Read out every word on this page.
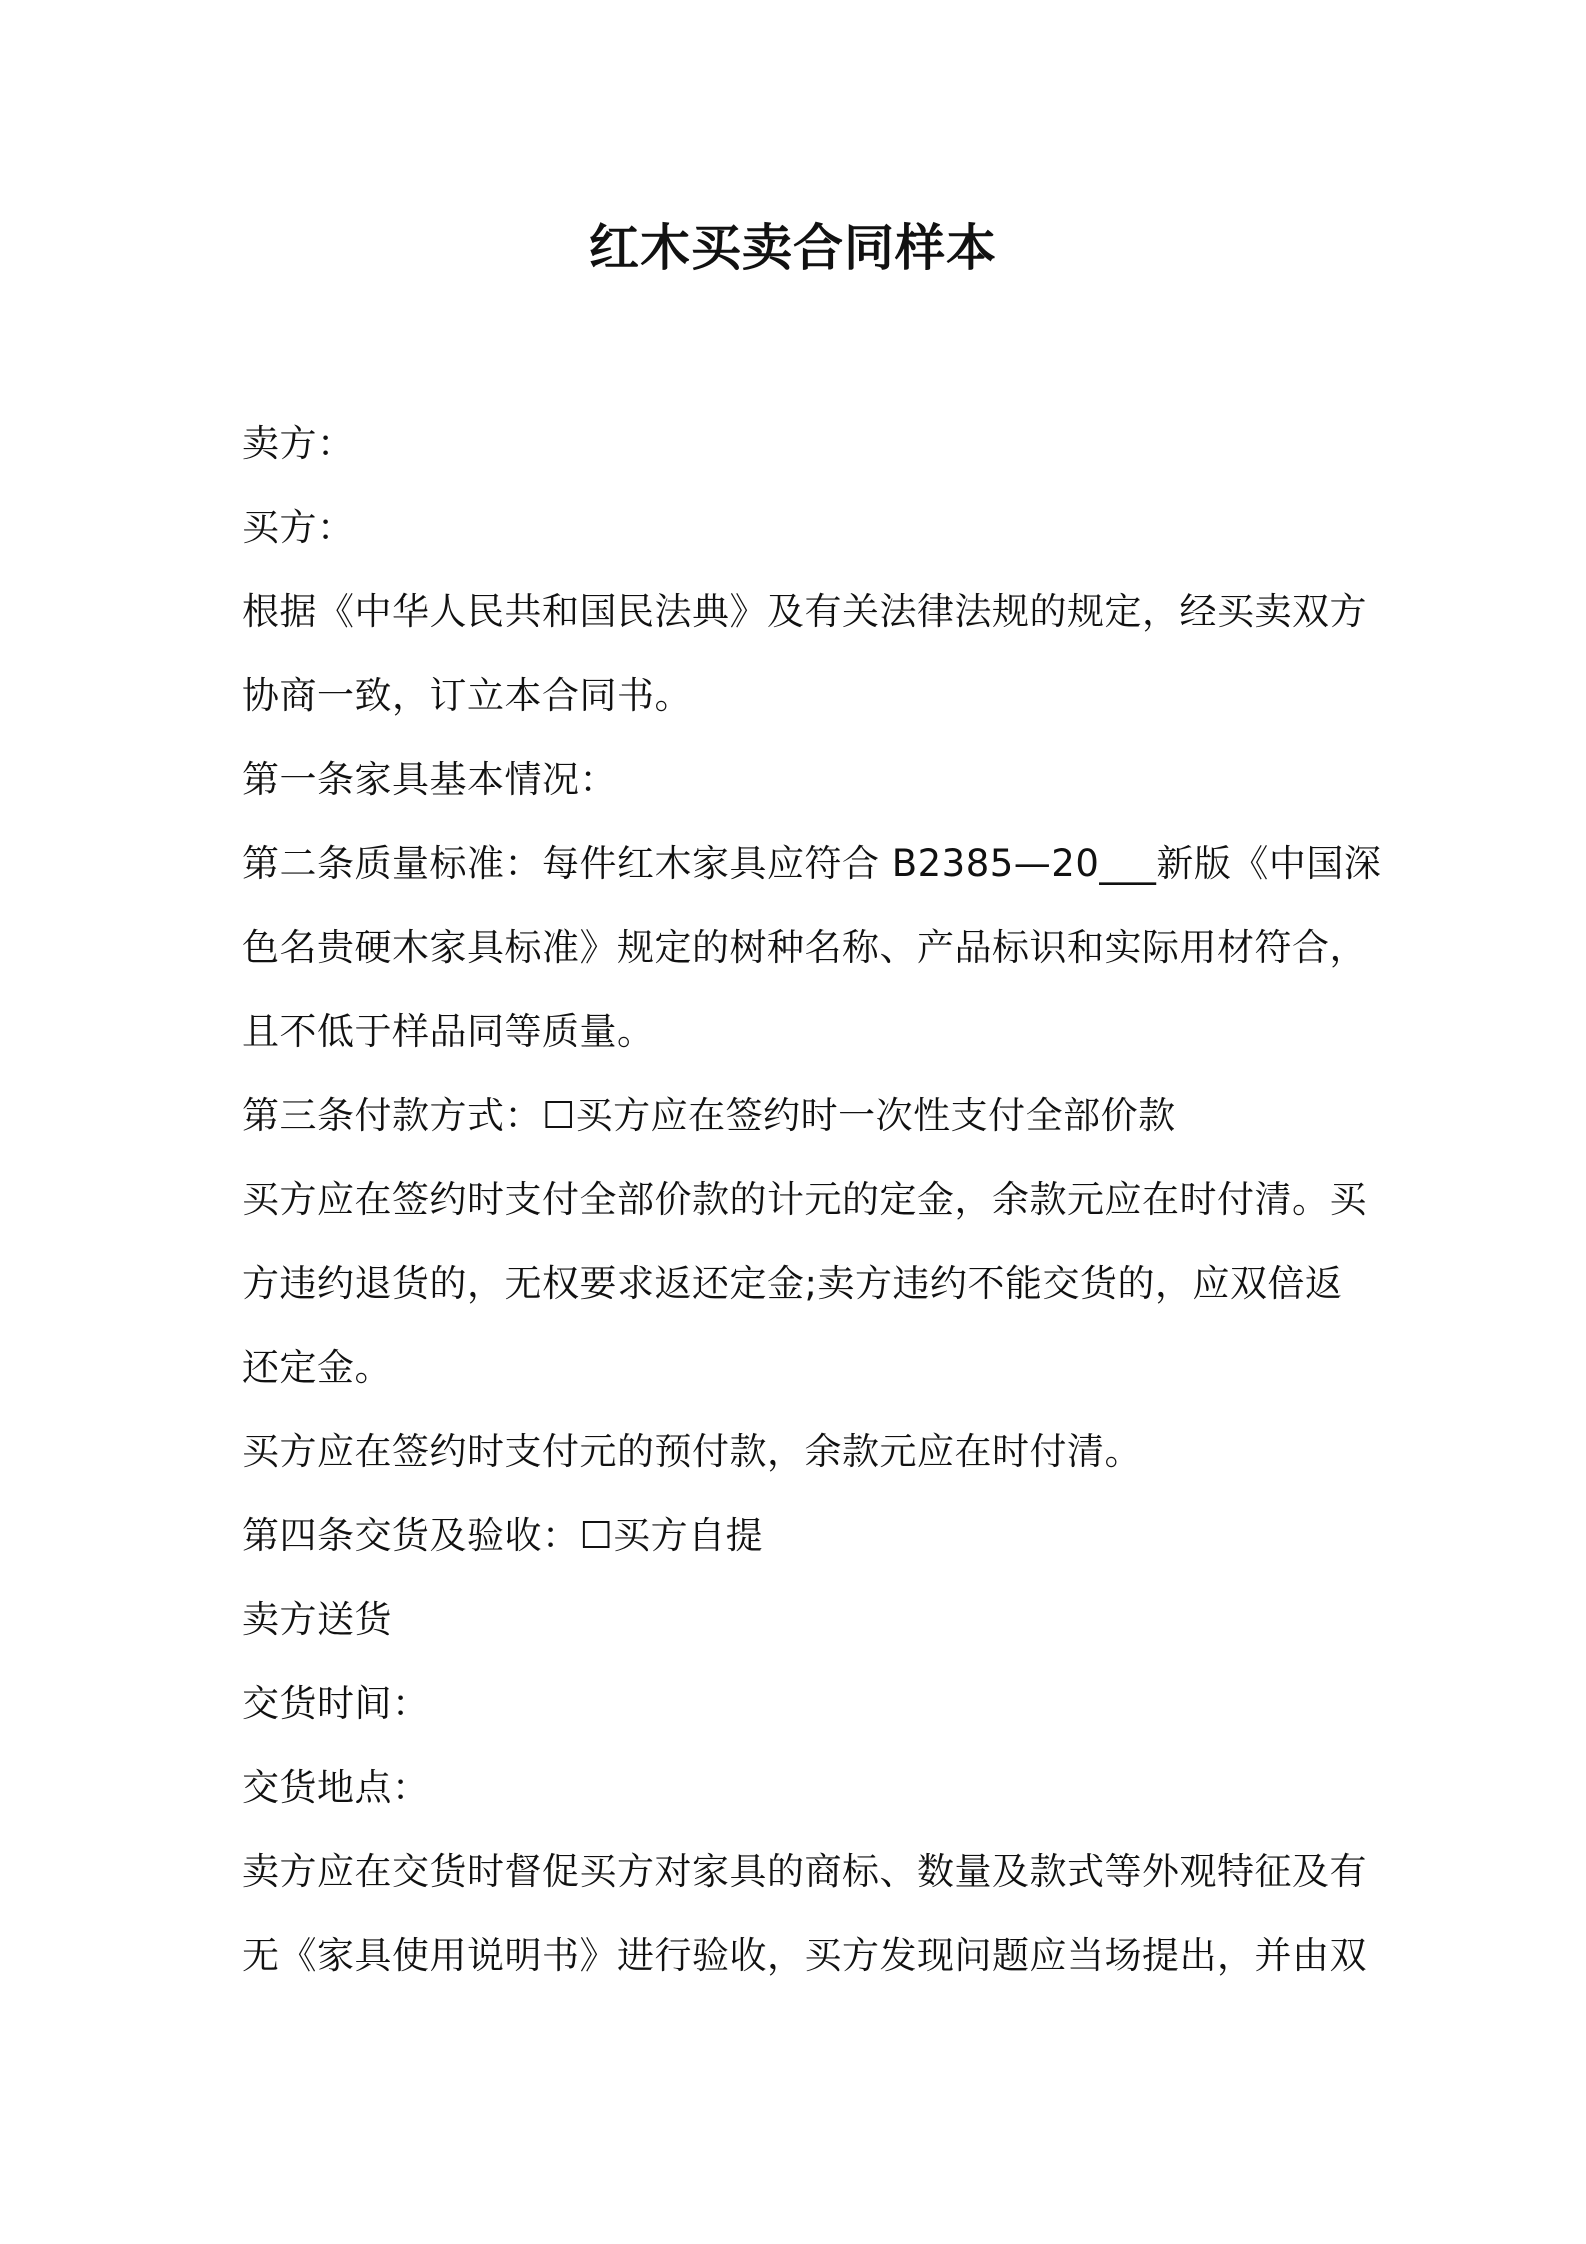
红木买卖合同样本

卖方：

买方：

根据《中华人民共和国民法典》及有关法律法规的规定，经买卖双方

协商一致，订立本合同书。

第一条家具基本情况：

第二条质量标准：每件红木家具应符合 B2385—20___新版《中国深

色名贵硬木家具标准》规定的树种名称、产品标识和实际用材符合，

且不低于样品同等质量。

第三条付款方式：☐买方应在签约时一次性支付全部价款

买方应在签约时支付全部价款的计元的定金，余款元应在时付清。买

方违约退货的，无权要求返还定金;卖方违约不能交货的，应双倍返

还定金。

买方应在签约时支付元的预付款，余款元应在时付清。

第四条交货及验收：☐买方自提

卖方送货

交货时间：

交货地点：

卖方应在交货时督促买方对家具的商标、数量及款式等外观特征及有

无《家具使用说明书》进行验收，买方发现问题应当场提出，并由双
